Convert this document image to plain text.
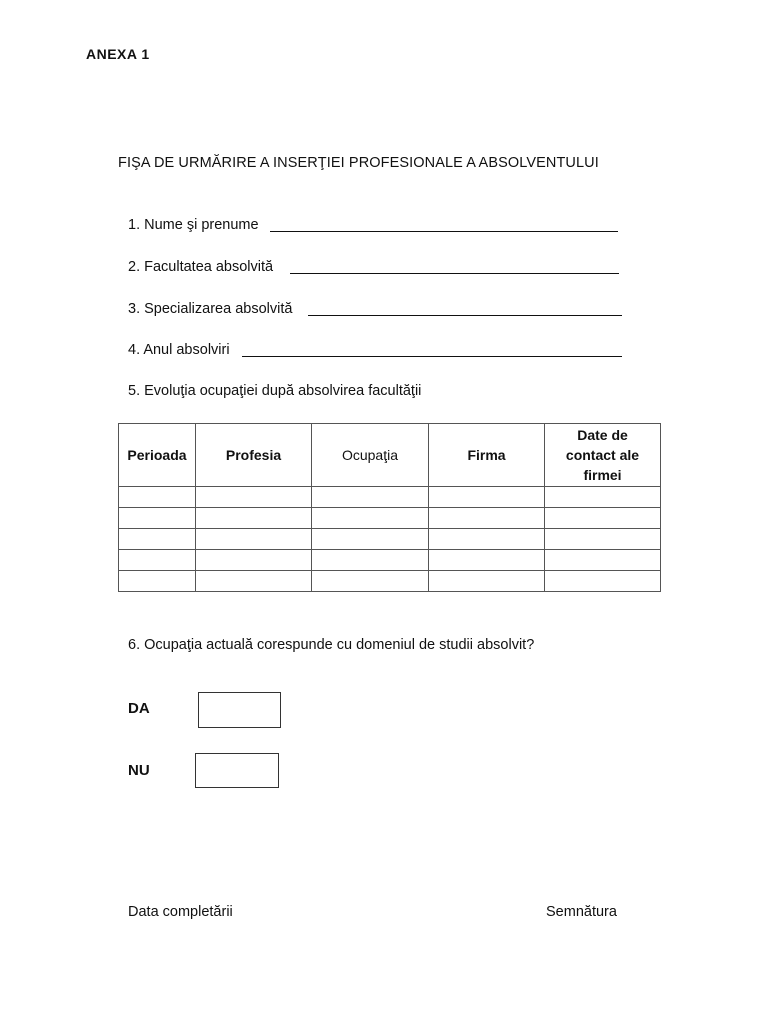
ANEXA 1
FIŞA DE URMĂRIRE A INSERŢIEI PROFESIONALE A ABSOLVENTULUI
1. Nume şi prenume
2. Facultatea absolvită
3. Specializarea absolvită
4. Anul absolviri
5. Evoluţia ocupaţiei după absolvirea facultăţii
Perioada	Profesia	Ocupaţia	Firma	Date de contact ale firmei

6. Ocupaţia actuală corespunde cu domeniul de studii absolvit?
DA
NU
Data completării	Semnătura
